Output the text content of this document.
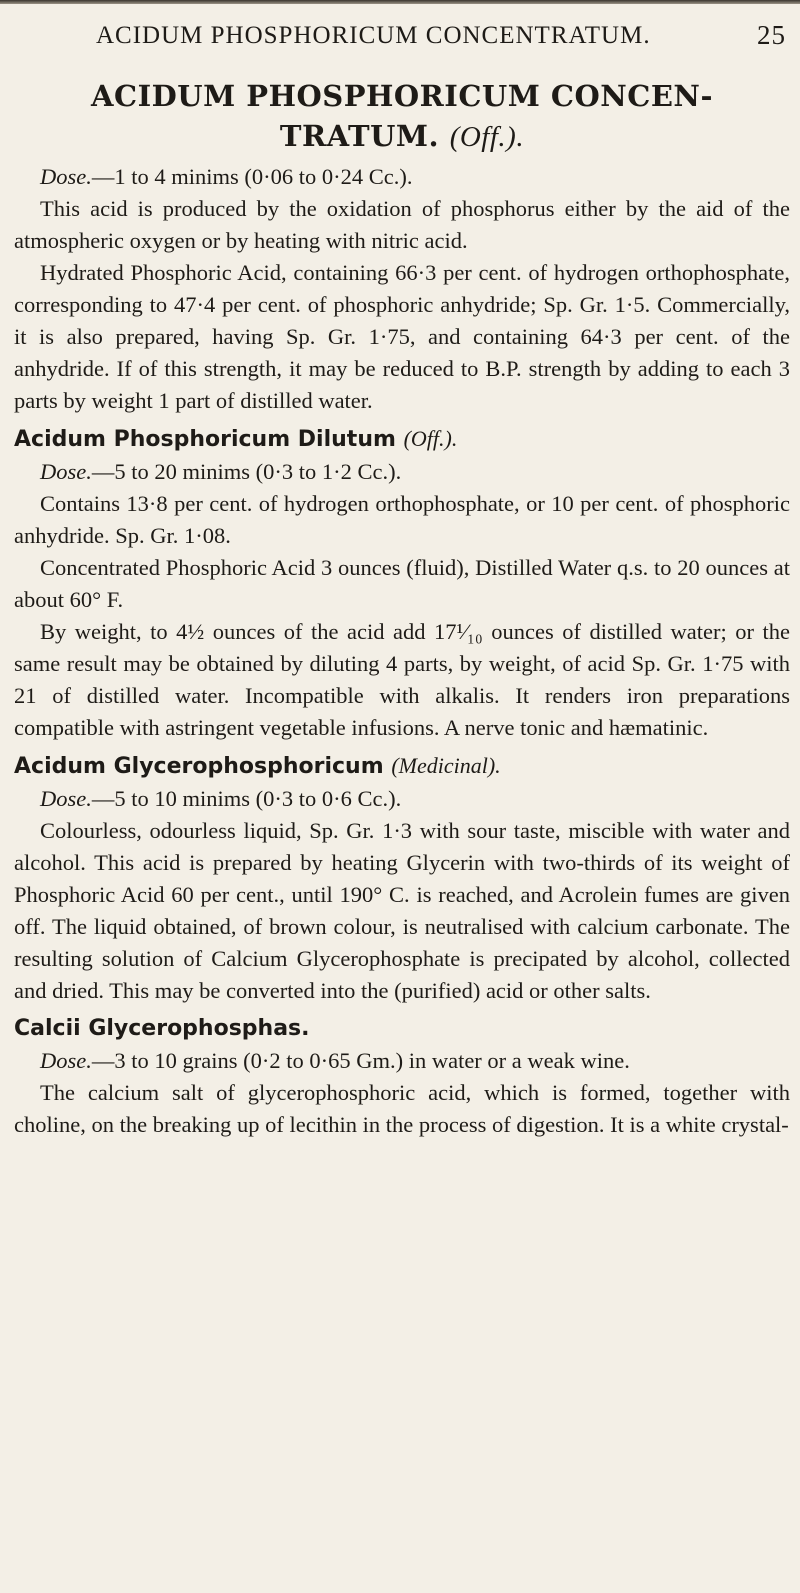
ACIDUM PHOSPHORICUM CONCENTRATUM.	25
ACIDUM PHOSPHORICUM CONCEN-
TRATUM. (Off.).

Dose.—1 to 4 minims (0·06 to 0·24 Cc.).

This acid is produced by the oxidation of phosphorus either by the aid of the atmospheric oxygen or by heating with nitric acid.

Hydrated Phosphoric Acid, containing 66·3 per cent. of hydrogen orthophosphate, corresponding to 47·4 per cent. of phosphoric anhydride; Sp. Gr. 1·5. Commercially, it is also prepared, having Sp. Gr. 1·75, and containing 64·3 per cent. of the anhydride. If of this strength, it may be reduced to B.P. strength by adding to each 3 parts by weight 1 part of distilled water.

Acidum Phosphoricum Dilutum (Off.).

Dose.—5 to 20 minims (0·3 to 1·2 Cc.).

Contains 13·8 per cent. of hydrogen orthophosphate, or 10 per cent. of phosphoric anhydride. Sp. Gr. 1·08.

Concentrated Phosphoric Acid 3 ounces (fluid), Distilled Water q.s. to 20 ounces at about 60° F.

By weight, to 4½ ounces of the acid add 17¹⁄₁₀ ounces of distilled water; or the same result may be obtained by diluting 4 parts, by weight, of acid Sp. Gr. 1·75 with 21 of distilled water. Incompatible with alkalis. It renders iron preparations compatible with astringent vegetable infusions. A nerve tonic and hæmatinic.

Acidum Glycerophosphoricum (Medicinal).

Dose.—5 to 10 minims (0·3 to 0·6 Cc.).

Colourless, odourless liquid, Sp. Gr. 1·3 with sour taste, miscible with water and alcohol. This acid is prepared by heating Glycerin with two-thirds of its weight of Phosphoric Acid 60 per cent., until 190° C. is reached, and Acrolein fumes are given off. The liquid obtained, of brown colour, is neutralised with calcium carbonate. The resulting solution of Calcium Glycerophosphate is precipated by alcohol, collected and dried. This may be converted into the (purified) acid or other salts.

Calcii Glycerophosphas.

Dose.—3 to 10 grains (0·2 to 0·65 Gm.) in water or a weak wine.

The calcium salt of glycerophosphoric acid, which is formed, together with choline, on the breaking up of lecithin in the process of digestion. It is a white crystal-
